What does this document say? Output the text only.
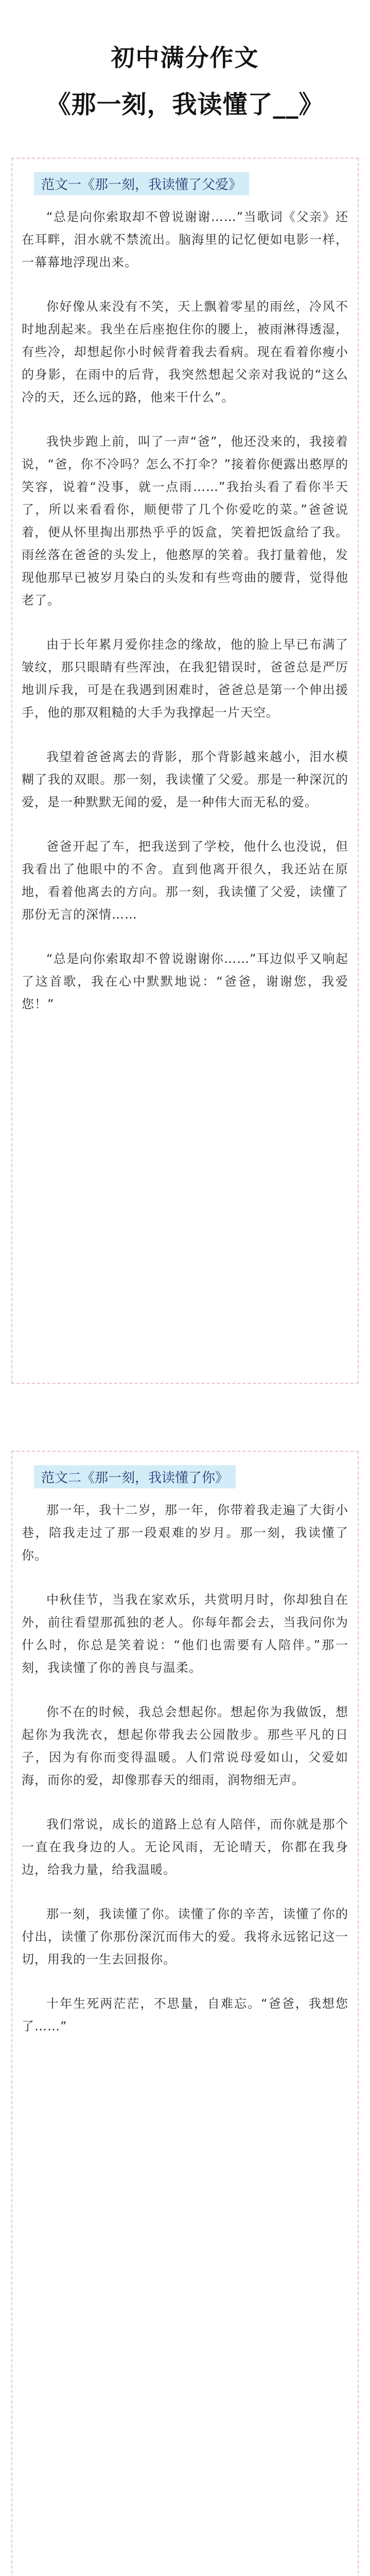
初中满分作文
《那一刻，我读懂了__》
范文一《那一刻，我读懂了父爱》

“总是向你索取却不曾说谢谢……”当歌词《父亲》还在耳畔，泪水就不禁流出。脑海里的记忆便如电影一样，一幕幕地浮现出来。

你好像从来没有不笑，天上飘着零星的雨丝，冷风不时地刮起来。我坐在后座抱住你的腰上，被雨淋得透湿，有些冷，却想起你小时候背着我去看病。现在看着你瘦小的身影，在雨中的后背，我突然想起父亲对我说的“这么冷的天，还么远的路，他来干什么”。

我快步跑上前，叫了一声“爸”，他还没来的，我接着说，“爸，你不冷吗？怎么不打伞？”接着你便露出憨厚的笑容，说着“没事，就一点雨……”我抬头看了看你半天了，所以来看看你，顺便带了几个你爱吃的菜。”爸爸说着，便从怀里掏出那热乎乎的饭盒，笑着把饭盒给了我。雨丝落在爸爸的头发上，他憨厚的笑着。我打量着他，发现他那早已被岁月染白的头发和有些弯曲的腰背，觉得他老了。

由于长年累月爱你挂念的缘故，他的脸上早已布满了皱纹，那只眼睛有些浑浊，在我犯错误时，爸爸总是严厉地训斥我，可是在我遇到困难时，爸爸总是第一个伸出援手，他的那双粗糙的大手为我撑起一片天空。

我望着爸爸离去的背影，那个背影越来越小，泪水模糊了我的双眼。那一刻，我读懂了父爱。那是一种深沉的爱，是一种默默无闻的爱，是一种伟大而无私的爱。

爸爸开起了车，把我送到了学校，他什么也没说，但我看出了他眼中的不舍。直到他离开很久，我还站在原地，看着他离去的方向。那一刻，我读懂了父爱，读懂了那份无言的深情……

“总是向你索取却不曾说谢谢你……”耳边似乎又响起了这首歌，我在心中默默地说：“爸爸，谢谢您，我爱您！”

范文二《那一刻，我读懂了你》

那一年，我十二岁，那一年，你带着我走遍了大街小巷，陪我走过了那一段艰难的岁月。那一刻，我读懂了你。

中秋佳节，当我在家欢乐，共赏明月时，你却独自在外，前往看望那孤独的老人。你每年都会去，当我问你为什么时，你总是笑着说：“他们也需要有人陪伴。”那一刻，我读懂了你的善良与温柔。

你不在的时候，我总会想起你。想起你为我做饭，想起你为我洗衣，想起你带我去公园散步。那些平凡的日子，因为有你而变得温暖。人们常说母爱如山，父爱如海，而你的爱，却像那春天的细雨，润物细无声。

我们常说，成长的道路上总有人陪伴，而你就是那个一直在我身边的人。无论风雨，无论晴天，你都在我身边，给我力量，给我温暖。

那一刻，我读懂了你。读懂了你的辛苦，读懂了你的付出，读懂了你那份深沉而伟大的爱。我将永远铭记这一切，用我的一生去回报你。

十年生死两茫茫，不思量，自难忘。“爸爸，我想您了……”
